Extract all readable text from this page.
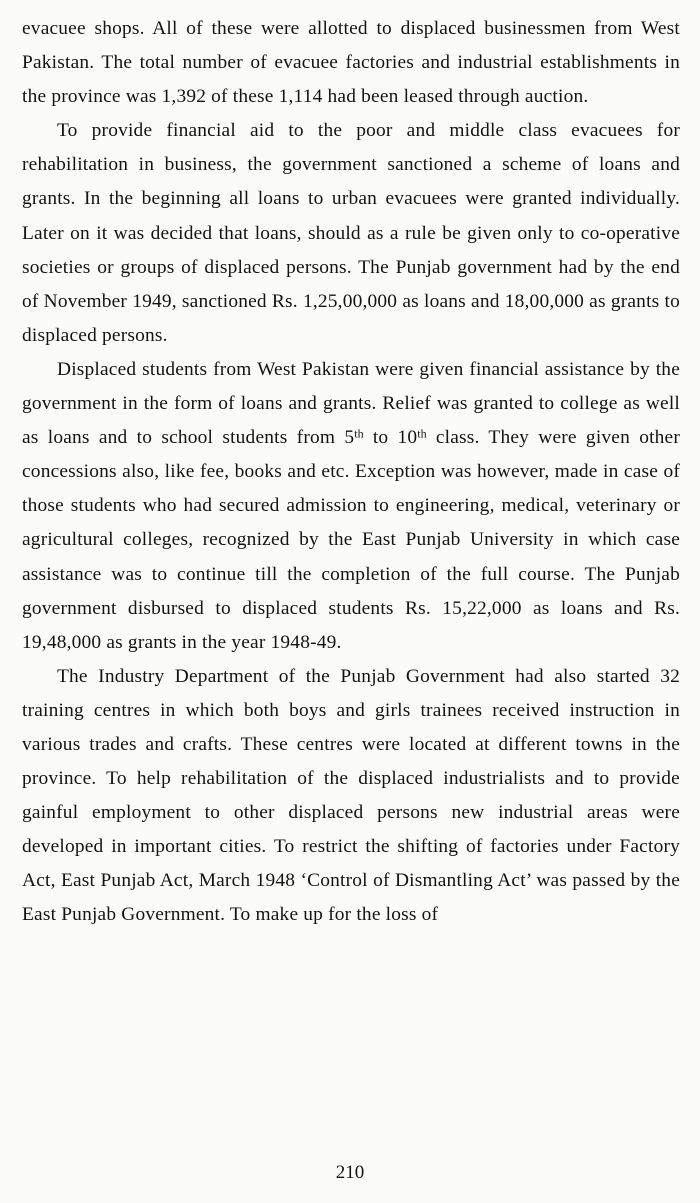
evacuee shops. All of these were allotted to displaced businessmen from West Pakistan. The total number of evacuee factories and industrial establishments in the province was 1,392 of these 1,114 had been leased through auction.

To provide financial aid to the poor and middle class evacuees for rehabilitation in business, the government sanctioned a scheme of loans and grants. In the beginning all loans to urban evacuees were granted individually. Later on it was decided that loans, should as a rule be given only to co-operative societies or groups of displaced persons. The Punjab government had by the end of November 1949, sanctioned Rs. 1,25,00,000 as loans and 18,00,000 as grants to displaced persons.

Displaced students from West Pakistan were given financial assistance by the government in the form of loans and grants. Relief was granted to college as well as loans and to school students from 5th to 10th class. They were given other concessions also, like fee, books and etc. Exception was however, made in case of those students who had secured admission to engineering, medical, veterinary or agricultural colleges, recognized by the East Punjab University in which case assistance was to continue till the completion of the full course. The Punjab government disbursed to displaced students Rs. 15,22,000 as loans and Rs. 19,48,000 as grants in the year 1948-49.

The Industry Department of the Punjab Government had also started 32 training centres in which both boys and girls trainees received instruction in various trades and crafts. These centres were located at different towns in the province. To help rehabilitation of the displaced industrialists and to provide gainful employment to other displaced persons new industrial areas were developed in important cities. To restrict the shifting of factories under Factory Act, East Punjab Act, March 1948 ‘Control of Dismantling Act’ was passed by the East Punjab Government. To make up for the loss of

210
